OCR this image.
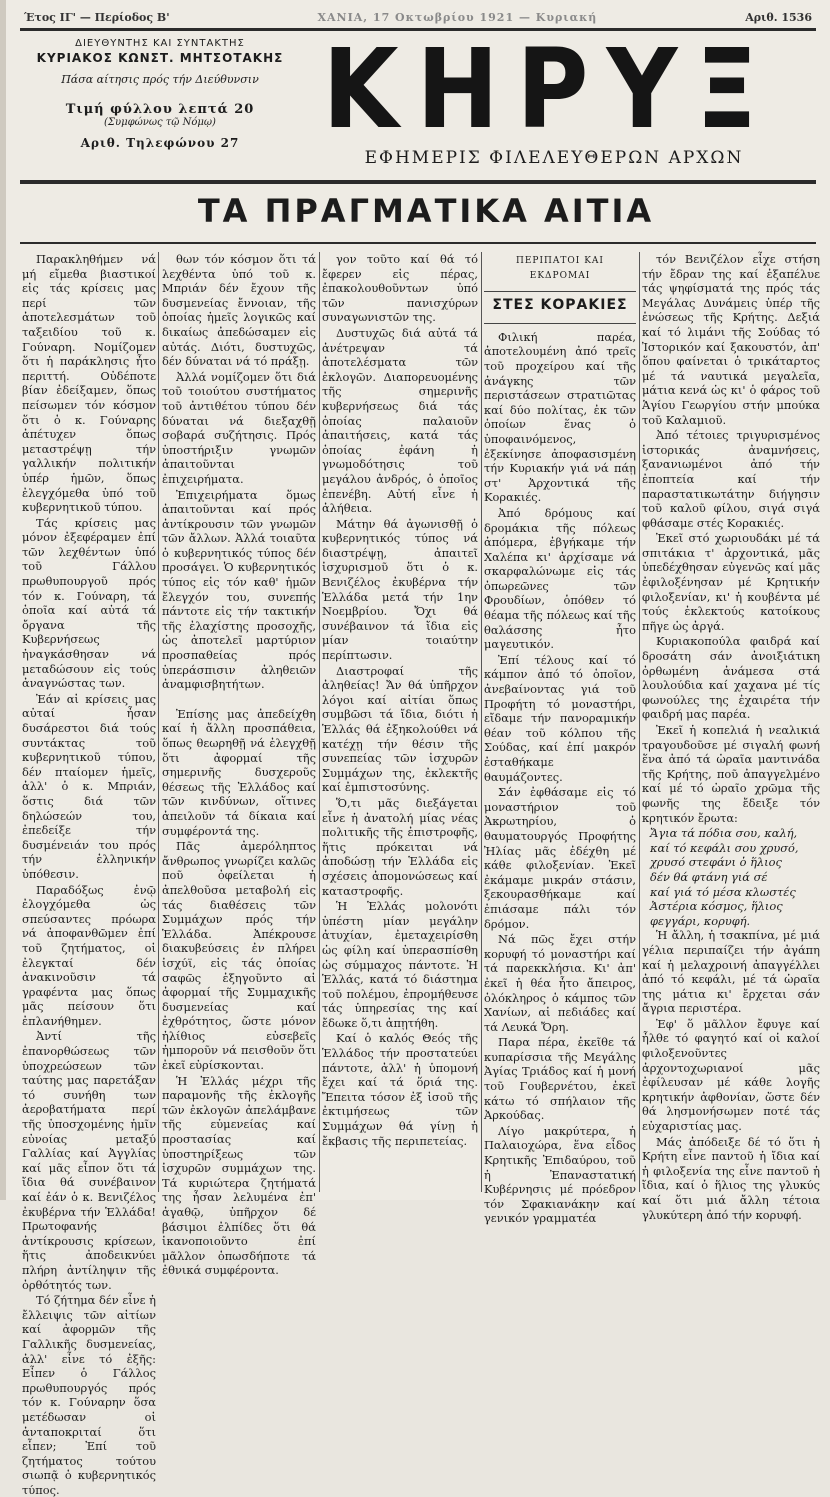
Έτος ΙΓ' — Περίοδος Β'	ΧΑΝΙΑ, 17 Οκτωβρίου 1921 — Κυριακή	Αριθ. 1536
ΔΙΕΥΘΥΝΤΗΣ ΚΑΙ ΣΥΝΤΑΚΤΗΣ
ΚΥΡΙΑΚΟΣ ΚΩΝΣΤ. ΜΗΤΣΟΤΑΚΗΣ
Πάσα αίτησις πρός τήν Διεύθυνσιν
Τιμή φύλλου λεπτά 20
(Συμφώνως τῷ Νόμῳ)
Αριθ. Τηλεφώνου 27 ΚΗΡΥΞ
ΕΦΗΜΕΡΙΣ ΦΙΛΕΛΕΥΘΕΡΩΝ ΑΡΧΩΝ
ΤΑ ΠΡΑΓΜΑΤΙΚΑ ΑΙΤΙΑ

Παρακληθήμεν νά μή εἴμεθα βιαστικοί εἰς τάς κρίσεις μας περί τῶν ἀποτελεσμάτων τοῦ ταξειδίου τοῦ κ. Γούναρη. Νομίζομεν ὅτι ἡ παράκλησις ἦτο περιττή. Οὐδέποτε βίαν ἐδείξαμεν, ὅπως πείσωμεν τόν κόσμον ὅτι ὁ κ. Γούναρης ἀπέτυχεν ὅπως μεταστρέψῃ τήν γαλλικήν πολιτικήν ὑπέρ ἡμῶν, ὅπως ἐλεγχόμεθα ὑπό τοῦ κυβερνητικοῦ τύπου.

Τάς κρίσεις μας μόνον ἐξεφέραμεν ἐπί τῶν λεχθέντων ὑπό τοῦ Γάλλου πρωθυπουργοῦ πρός τόν κ. Γούναρη, τά ὁποῖα καί αὐτά τά ὄργανα τῆς Κυβερνήσεως ἠναγκάσθησαν νά μεταδώσουν εἰς τούς ἀναγνώστας των.

Ἐάν αἱ κρίσεις μας αὐταί ἦσαν δυσάρεστοι διά τούς συντάκτας τοῦ κυβερνητικοῦ τύπου, δέν πταίομεν ἡμεῖς, ἀλλ' ὁ κ. Μπριάν, ὅστις διά τῶν δηλώσεών του, ἐπεδείξε τήν δυσμένειάν του πρός τήν ἑλληνικήν ὑπόθεσιν.

Παραδόξως ἐνῷ ἐλογχόμεθα ὡς σπεύσαντες πρόωρα νά ἀποφανθῶμεν ἐπί τοῦ ζητήματος, οἱ ἐλεγκταί δέν ἀνακινοῦσιν τά γραφέντα μας ὅπως μᾶς πείσουν ὅτι ἐπλανήθημεν.

Ἀντί τῆς ἐπανορθώσεως τῶν ὑποχρεώσεων τῶν ταύτης μας παρετάξαν τό συνήθη των ἀεροβατήματα περί τῆς ὑποσχομένης ἡμῖν εὐνοίας μεταξύ Γαλλίας καί Ἀγγλίας καί μᾶς εἶπον ὅτι τά ἴδια θά συνέβαινον καί ἐάν ὁ κ. Βενιζέλος ἐκυβέρνα τήν Ἑλλάδα! Πρωτοφανής ἀντίκρουσις κρίσεων, ἥτις ἀποδεικνύει πλήρη ἀντίληψιν τῆς ὀρθότητός των.

Τό ζήτημα δέν εἶνε ἡ ἔλλειψις τῶν αἰτίων καί ἀφορμῶν τῆς Γαλλικῆς δυσμενείας, ἀλλ' εἶνε τό ἐξῆς: Εἶπεν ὁ Γάλλος πρωθυπουργός πρός τόν κ. Γούναρην ὅσα μετέδωσαν οἱ ἀνταποκριταί ὅτι εἶπεν; Ἐπί τοῦ ζητήματος τούτου σιωπᾷ ὁ κυβερνητικός τύπος.

θων τόν κόσμον ὅτι τά λεχθέντα ὑπό τοῦ κ. Μπριάν δέν ἔχουν τῆς δυσμενείας ἔννοιαν, τῆς ὁποίας ἡμεῖς λογικῶς καί δικαίως ἀπεδώσαμεν εἰς αὐτάς. Διότι, δυστυχῶς, δέν δύναται νά τό πράξῃ.

Ἀλλά νομίζομεν ὅτι διά τοῦ τοιούτου συστήματος τοῦ ἀντιθέτου τύπου δέν δύναται νά διεξαχθῇ σοβαρά συζήτησις. Πρός ὑποστήριξιν γνωμῶν ἀπαιτοῦνται ἐπιχειρήματα.

Ἐπιχειρήματα ὅμως ἀπαιτοῦνται καί πρός ἀντίκρουσιν τῶν γνωμῶν τῶν ἄλλων. Ἀλλά τοιαῦτα ὁ κυβερνητικός τύπος δέν προσάγει. Ὁ κυβερνητικός τύπος εἰς τόν καθ' ἡμῶν ἔλεγχόν του, συνεπής πάντοτε εἰς τήν τακτικήν τῆς ἐλαχίστης προσοχῆς, ὡς ἀποτελεῖ μαρτύριον προσπαθείας πρός ὑπεράσπισιν ἀληθειῶν ἀναμφισβητήτων.

Ἐπίσης μας ἀπεδείχθη καί ἡ ἄλλη προσπάθεια, ὅπως θεωρηθῇ νά ἐλεγχθῇ ὅτι ἀφορμαί τῆς σημερινῆς δυσχεροῦς θέσεως τῆς Ἑλλάδος καί τῶν κινδύνων, οἵτινες ἀπειλοῦν τά δίκαια καί συμφέροντά της.

Πᾶς ἀμερόληπτος ἄνθρωπος γνωρίζει καλῶς ποῦ ὀφείλεται ἡ ἀπελθοῦσα μεταβολή εἰς τάς διαθέσεις τῶν Συμμάχων πρός τήν Ἑλλάδα. Ἀπέκρουσε διακυβεύσεις ἐν πλήρει ἰσχύϊ, εἰς τάς ὁποίας σαφῶς ἐξηγοῦντο αἱ ἀφορμαί τῆς Συμμαχικῆς δυσμενείας καί ἐχθρότητος, ὥστε μόνον ἠλίθιος εὐσεβεῖς ἠμποροῦν νά πεισθοῦν ὅτι ἐκεῖ εὑρίσκονται.

Ἡ Ἑλλάς μέχρι τῆς παραμονῆς τῆς ἐκλογῆς τῶν ἐκλογῶν ἀπελάμβανε τῆς εὐμενείας καί προστασίας καί ὑποστηρίξεως τῶν ἰσχυρῶν συμμάχων της. Τά κυριώτερα ζητήματά της ἦσαν λελυμένα ἐπ' ἀγαθῷ, ὑπῆρχον δέ βάσιμοι ἐλπίδες ὅτι θά ἱκανοποιοῦντο ἐπί μᾶλλον ὁπωσδήποτε τά ἐθνικά συμφέροντα.

γον τοῦτο καί θά τό ἔφερεν εἰς πέρας, ἐπακολουθοῦντων ὑπό τῶν πανισχύρων συναγωνιστῶν της.

Δυστυχῶς διά αὐτά τά ἀνέτρεψαν τά ἀποτελέσματα τῶν ἐκλογῶν. Διαπορευομένης τῆς σημερινῆς κυβερνήσεως διά τάς ὁποίας παλαιοῦν ἀπαιτήσεις, κατά τάς ὁποίας ἐφάνη ἡ γνωμοδότησις τοῦ μεγάλου ἀνδρός, ὁ ὁποῖος ἐπενέβη. Αὐτή εἶνε ἡ ἀλήθεια.

Μάτην θά ἀγωνισθῇ ὁ κυβερνητικός τύπος νά διαστρέψῃ, ἀπαιτεῖ ἰσχυρισμοῦ ὅτι ὁ κ. Βενιζέλος ἐκυβέρνα τήν Ἑλλάδα μετά τήν 1ην Νοεμβρίου. Ὄχι θά συνέβαινον τά ἴδια εἰς μίαν τοιαύτην περίπτωσιν.

Διαστροφαί τῆς ἀληθείας! Ἄν θά ὑπῆρχον λόγοι καί αἰτίαι ὅπως συμβῶσι τά ἴδια, διότι ἡ Ἑλλάς θά ἐξηκολούθει νά κατέχῃ τήν θέσιν τῆς συνεπείας τῶν ἰσχυρῶν Συμμάχων της, ἐκλεκτῆς καί ἐμπιστοσύνης.

Ὅ,τι μᾶς διεξάγεται εἶνε ἡ ἀνατολή μίας νέας πολιτικῆς τῆς ἐπιστροφῆς, ἥτις πρόκειται νά ἀποδώσῃ τήν Ἑλλάδα εἰς σχέσεις ἀπομονώσεως καί καταστροφῆς.

Ἡ Ἑλλάς μολονότι ὑπέστη μίαν μεγάλην ἀτυχίαν, ἐμεταχειρίσθη ὡς φίλη καί ὑπερασπίσθη ὡς σύμμαχος πάντοτε. Ἡ Ἑλλάς, κατά τό διάστημα τοῦ πολέμου, ἐπρομήθευσε τάς ὑπηρεσίας της καί ἔδωκε ὅ,τι ἀπῃτήθη.

Καί ὁ καλός Θεός τῆς Ἑλλάδος τήν προστατεύει πάντοτε, ἀλλ' ἡ ὑπομονή ἔχει καί τά ὅριά της. Ἔπειτα τόσον ἐξ ἰσοῦ τῆς ἐκτιμήσεως τῶν Συμμάχων θά γίνῃ ἡ ἔκβασις τῆς περιπετείας.

ΠΕΡΙΠΑΤΟΙ ΚΑΙ ΕΚΔΡΟΜΑΙ
ΣΤΕΣ ΚΟΡΑΚΙΕΣ

Φιλική παρέα, ἀποτελουμένη ἀπό τρεῖς τοῦ προχείρου καί τῆς ἀνάγκης τῶν περιστάσεων στρατιῶτας καί δύο πολίτας, ἐκ τῶν ὁποίων ἕνας ὁ ὑποφαινόμενος, ἐξεκίνησε ἀποφασισμένη τήν Κυριακήν γιά νά πάῃ στ' Ἀρχοντικά τῆς Κορακιές.

Ἀπό δρόμους καί δρομάκια τῆς πόλεως ἀπόμερα, ἐβγήκαμε τήν Χαλέπα κι' ἀρχίσαμε νά σκαρφαλώνωμε εἰς τάς ὀπωρεῶνες τῶν Φρουδίων, ὁπόθεν τό θέαμα τῆς πόλεως καί τῆς θαλάσσης ἦτο μαγευτικόν.

Ἐπί τέλους καί τό κάμπον ἀπό τό ὁποῖον, ἀνεβαίνοντας γιά τοῦ Προφήτη τό μοναστήρι, εἴδαμε τήν πανοραμικήν θέαν τοῦ κόλπου τῆς Σούδας, καί ἐπί μακρόν ἐσταθήκαμε θαυμάζοντες.

Σάν ἐφθάσαμε εἰς τό μοναστήριον τοῦ Ἀκρωτηρίου, ὁ θαυματουργός Προφήτης Ἠλίας μᾶς ἐδέχθη μέ κάθε φιλοξενίαν. Ἐκεῖ ἐκάμαμε μικράν στάσιν, ξεκουρασθήκαμε καί ἐπιάσαμε πάλι τόν δρόμον.

Νά πῶς ἔχει στήν κορυφή τό μοναστήρι καί τά παρεκκλήσια. Κι' ἀπ' ἐκεῖ ἡ θέα ἦτο ἄπειρος, ὁλόκληρος ὁ κάμπος τῶν Χανίων, αἱ πεδιάδες καί τά Λευκά Ὄρη.

Παρα πέρα, ἐκεῖθε τά κυπαρίσσια τῆς Μεγάλης Ἀγίας Τριάδος καί ἡ μονή τοῦ Γουβερνέτου, ἐκεῖ κάτω τό σπήλαιον τῆς Ἀρκούδας.

Λίγο μακρύτερα, ἡ Παλαιοχώρα, ἕνα εἶδος Κρητικῆς Ἐπιδαύρου, τοῦ ἡ Ἐπαναστατική Κυβέρνησις μέ πρόεδρον τόν Σφακιανάκην καί γενικόν γραμματέα

τόν Βενιζέλον εἶχε στήση τήν ἔδραν της καί ἐξαπέλυε τάς ψηφίσματά της πρός τάς Μεγάλας Δυνάμεις ὑπέρ τῆς ἑνώσεως τῆς Κρήτης. Δεξιά καί τό λιμάνι τῆς Σούδας τό Ἰστορικόν καί ξακουστόν, ἀπ' ὅπου φαίνεται ὁ τρικάταρτος μέ τά ναυτικά μεγαλεῖα, μάτια κενά ὡς κι' ὁ φάρος τοῦ Ἁγίου Γεωργίου στήν μπούκα τοῦ Καλαμιοῦ.

Ἀπό τέτοιες τριγυρισμένος ἱστορικάς ἀναμνήσεις, ξανανιωμένοι ἀπό τήν ἐποπτεία καί τήν παραστατικωτάτην διήγησιν τοῦ καλοῦ φίλου, σιγά σιγά φθάσαμε στές Κορακιές.

Ἐκεῖ στό χωριουδάκι μέ τά σπιτάκια τ' ἀρχοντικά, μᾶς ὑπεδέχθησαν εὐγενῶς καί μᾶς ἐφιλοξένησαν μέ Κρητικήν φιλοξενίαν, κι' ἡ κουβέντα μέ τούς ἐκλεκτούς κατοίκους πῆγε ὡς ἀργά.

Κυριακοπούλα φαιδρά καί δροσάτη σάν ἀνοιξιάτικη ὀρθωμένη ἀνάμεσα στά λουλούδια καί χαχανα μέ τίς φωνούλες της ἐχαιρέτα τήν φαιδρή μας παρέα.

Ἐκεῖ ἡ κοπελιά ἡ νεαλικιά τραγουδοῦσε μέ σιγαλή φωνή ἕνα ἀπό τά ὡραῖα μαντινάδα τῆς Κρήτης, ποῦ ἀπαγγελμένο καί μέ τό ὡραῖο χρῶμα τῆς φωνῆς της ἔδειξε τόν κρητικόν ἔρωτα:

Ἄγια τά πόδια σου, καλή,
καί τό κεφάλι σου χρυσό,
χρυσό στεφάνι ὁ ἥλιος
δέν θά φτάνη γιά σέ
καί γιά τό μέσα κλωστές
Ἀστέρια κόσμος, ἥλιος
φεγγάρι, κορυφή.

Ἡ ἄλλη, ἡ τσακπίνα, μέ μιά γέλια περιπαίζει τήν ἀγάπη καί ἡ μελαχροινή ἀπαγγέλλει ἀπό τό κεφάλι, μέ τά ὡραῖα της μάτια κι' ἔρχεται σάν ἄγρια περιστέρα.

Ἐφ' ὅ μᾶλλον ἔφυγε καί ἦλθε τό φαγητό καί οἱ καλοί φιλοξενοῦντες ἀρχοντοχωριανοί μᾶς ἐφίλευσαν μέ κάθε λογῆς κρητικήν ἀφθονίαν, ὥστε δέν θά λησμονήσωμεν ποτέ τάς εὐχαριστίας μας.

Μάς ἀπόδειξε δέ τό ὅτι ἡ Κρήτη εἶνε παντοῦ ἡ ἴδια καί ἡ φιλοξενία της εἶνε παντοῦ ἡ ἴδια, καί ὁ ἥλιος της γλυκύς καί ὅτι μιά ἄλλη τέτοια γλυκύτερη ἀπό τήν κορυφή.
